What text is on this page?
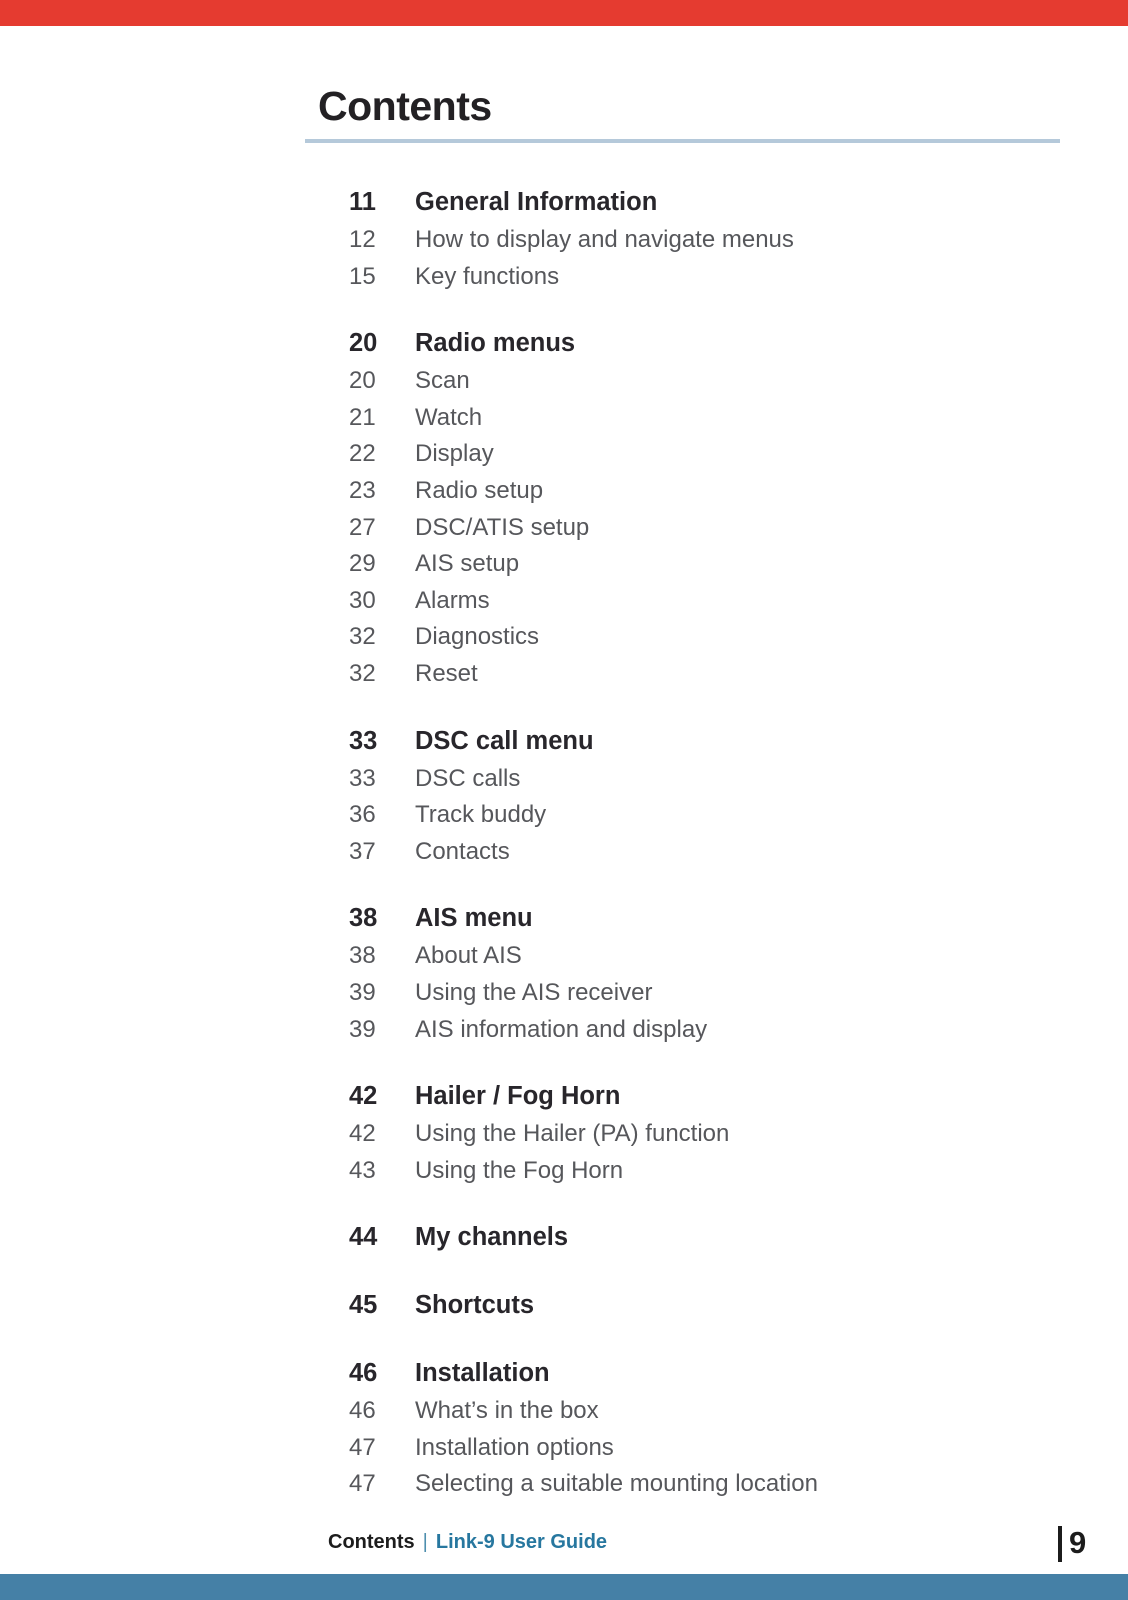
Contents
11	General Information
12	How to display and navigate menus
15	Key functions
20	Radio menus
20	Scan
21	Watch
22	Display
23	Radio setup
27	DSC/ATIS setup
29	AIS setup
30	Alarms
32	Diagnostics
32	Reset
33	DSC call menu
33	DSC calls
36	Track buddy
37	Contacts
38	AIS menu
38	About AIS
39	Using the AIS receiver
39	AIS information and display
42	Hailer / Fog Horn
42	Using the Hailer (PA) function
43	Using the Fog Horn
44	My channels
45	Shortcuts
46	Installation
46	What’s in the box
47	Installation options
47	Selecting a suitable mounting location
Contents | Link-9 User Guide	9
